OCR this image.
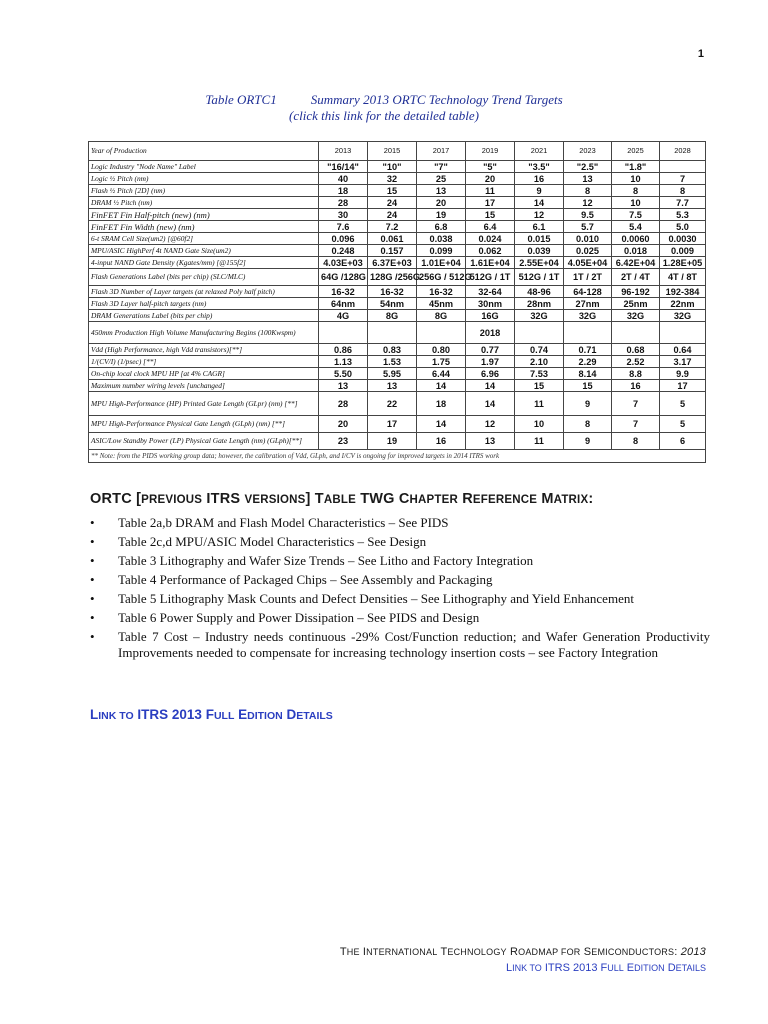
1
Table ORTC1	Summary 2013 ORTC Technology Trend Targets
(click this link for the detailed table)
Year of Production	2013	2015	2017	2019	2021	2023	2025	2028
Logic Industry "Node Name" Label	"16/14"	"10"	"7"	"5"	"3.5"	"2.5"	"1.8"	
Logic ½ Pitch (nm)	40	32	25	20	16	13	10	7
Flash ½ Pitch [2D] (nm)	18	15	13	11	9	8	8	8
DRAM ½ Pitch (nm)	28	24	20	17	14	12	10	7.7
FinFET Fin Half-pitch (new) (nm)	30	24	19	15	12	9.5	7.5	5.3
FinFET Fin Width (new) (nm)	7.6	7.2	6.8	6.4	6.1	5.7	5.4	5.0
6-t SRAM Cell Size(um2) [@60f2]	0.096	0.061	0.038	0.024	0.015	0.010	0.0060	0.0030
MPU/ASIC HighPerf 4t NAND Gate Size(um2)	0.248	0.157	0.099	0.062	0.039	0.025	0.018	0.009
4-input NAND Gate Density (Kgates/mm) [@155f2]	4.03E+03	6.37E+03	1.01E+04	1.61E+04	2.55E+04	4.05E+04	6.42E+04	1.28E+05
Flash Generations Label (bits per chip) (SLC/MLC)	64G /128G	128G /256G	256G / 512G	512G / 1T	512G / 1T	1T / 2T	2T / 4T	4T / 8T
Flash 3D Number of Layer targets (at relaxed Poly half pitch)	16-32	16-32	16-32	32-64	48-96	64-128	96-192	192-384
Flash 3D Layer half-pitch targets (nm)	64nm	54nm	45nm	30nm	28nm	27nm	25nm	22nm
DRAM Generations Label (bits per chip)	4G	8G	8G	16G	32G	32G	32G	32G
450mm Production High Volume Manufacturing Begins (100Kwspm)				2018				
Vdd (High Performance, high Vdd transistors)[**]	0.86	0.83	0.80	0.77	0.74	0.71	0.68	0.64
1/(CV/I) (1/psec) [**]	1.13	1.53	1.75	1.97	2.10	2.29	2.52	3.17
On-chip local clock MPU HP [at 4% CAGR]	5.50	5.95	6.44	6.96	7.53	8.14	8.8	9.9
Maximum number wiring levels [unchanged]	13	13	14	14	15	15	16	17
MPU High-Performance (HP) Printed Gate Length (GLpr) (nm) [**]	28	22	18	14	11	9	7	5
MPU High-Performance Physical Gate Length (GLph) (nm) [**]	20	17	14	12	10	8	7	5
ASIC/Low Standby Power (LP) Physical Gate Length (nm) (GLph)[**]	23	19	16	13	11	9	8	6
** Note: from the PIDS working group data; however, the calibration of Vdd, GLph, and I/CV is ongoing for improved targets in 2014 ITRS work								
ORTC [PREVIOUS ITRS VERSIONS] TABLE TWG CHAPTER REFERENCE MATRIX:
• Table 2a,b DRAM and Flash Model Characteristics – See PIDS
• Table 2c,d MPU/ASIC Model Characteristics – See Design
• Table 3 Lithography and Wafer Size Trends – See Litho and Factory Integration
• Table 4 Performance of Packaged Chips – See Assembly and Packaging
• Table 5 Lithography Mask Counts and Defect Densities – See Lithography and Yield Enhancement
• Table 6 Power Supply and Power Dissipation – See PIDS and Design
• Table 7 Cost – Industry needs continuous -29% Cost/Function reduction; and Wafer Generation Productivity Improvements needed to compensate for increasing technology insertion costs – see Factory Integration
LINK TO ITRS 2013 FULL EDITION DETAILS
THE INTERNATIONAL TECHNOLOGY ROADMAP FOR SEMICONDUCTORS: 2013
LINK TO ITRS 2013 FULL EDITION DETAILS
